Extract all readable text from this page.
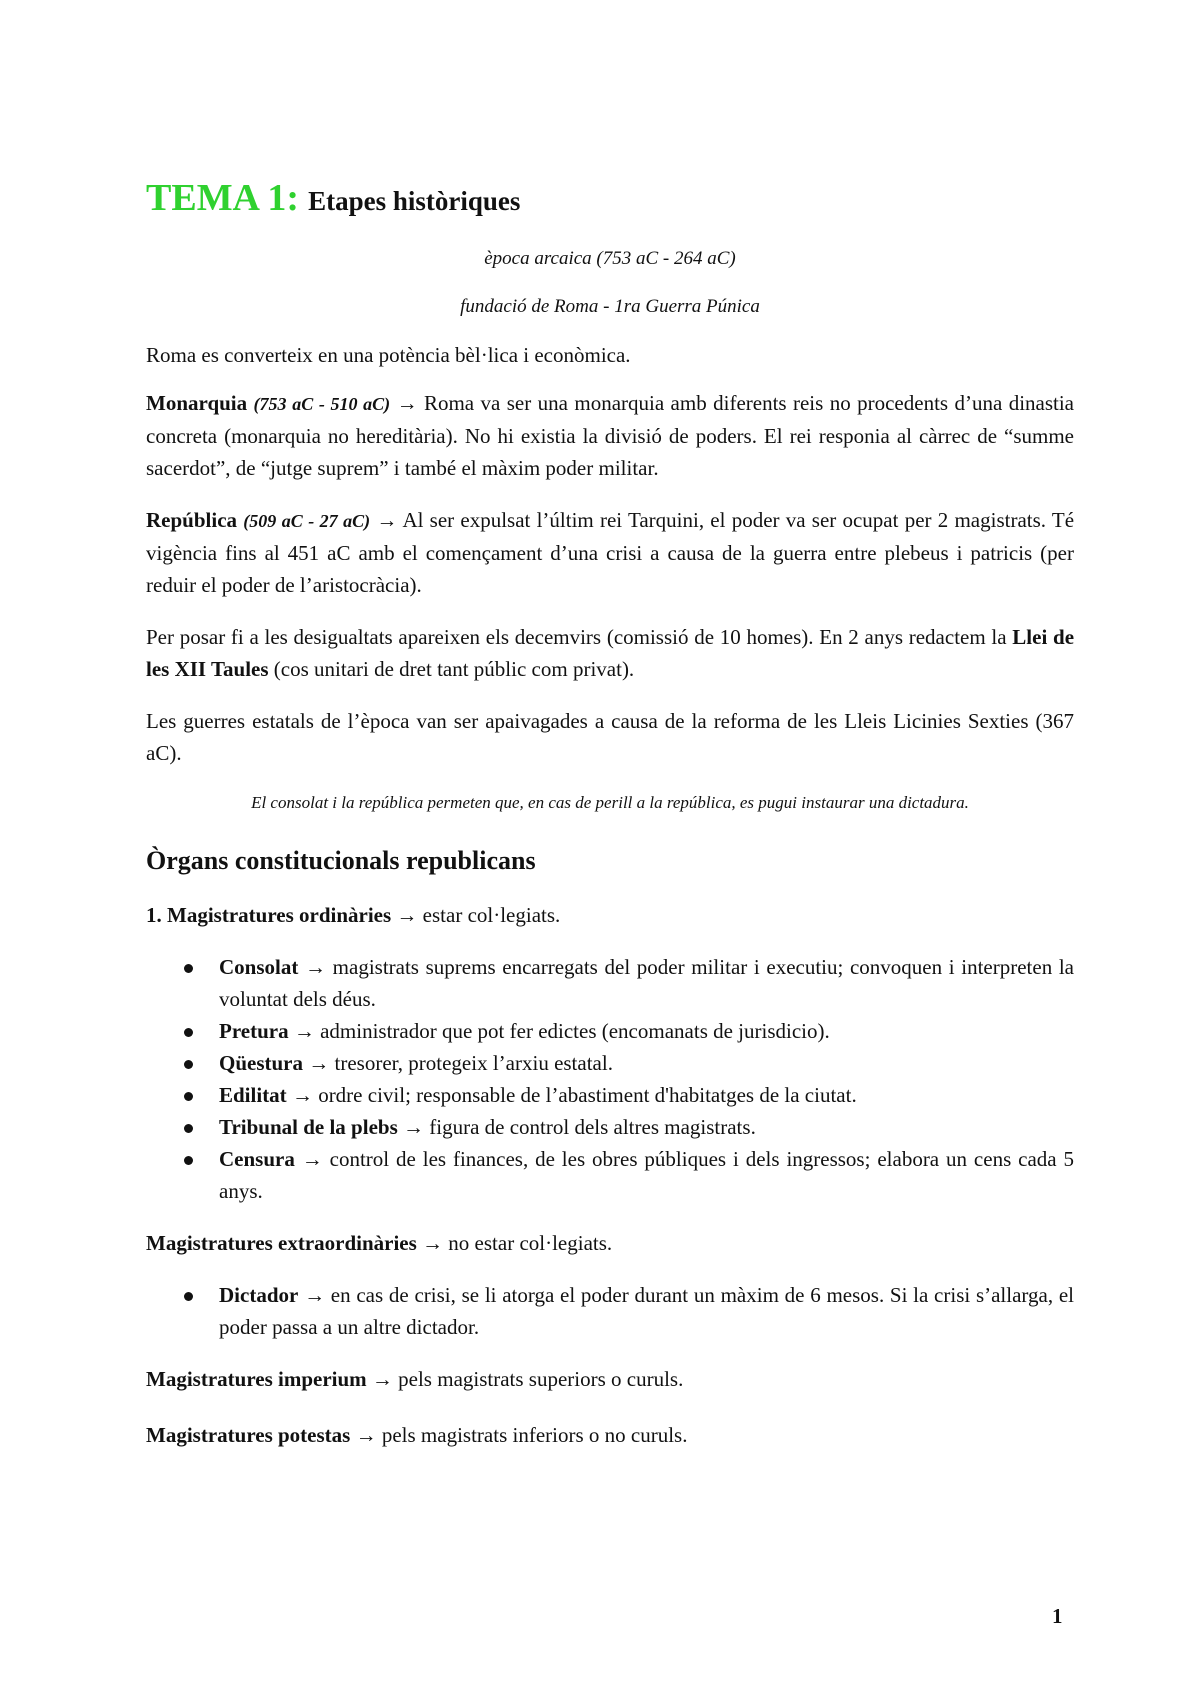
TEMA 1: Etapes històriques

època arcaica (753 aC - 264 aC)

fundació de Roma - 1ra Guerra Púnica

Roma es converteix en una potència bèl·lica i econòmica.

Monarquia (753 aC - 510 aC) → Roma va ser una monarquia amb diferents reis no procedents d’una dinastia concreta (monarquia no hereditària). No hi existia la divisió de poders. El rei responia al càrrec de “summe sacerdot”, de “jutge suprem” i també el màxim poder militar.

República (509 aC - 27 aC) → Al ser expulsat l’últim rei Tarquini, el poder va ser ocupat per 2 magistrats. Té vigència fins al 451 aC amb el començament d’una crisi a causa de la guerra entre plebeus i patricis (per reduir el poder de l’aristocràcia).

Per posar fi a les desigualtats apareixen els decemvirs (comissió de 10 homes). En 2 anys redactem la Llei de les XII Taules (cos unitari de dret tant públic com privat).

Les guerres estatals de l’època van ser apaivagades a causa de la reforma de les Lleis Licinies Sexties (367 aC).

El consolat i la república permeten que, en cas de perill a la república, es pugui instaurar una dictadura.

Òrgans constitucionals republicans

1. Magistratures ordinàries → estar col·legiats.

Consolat → magistrats suprems encarregats del poder militar i executiu; convoquen i interpreten la voluntat dels déus.
Pretura → administrador que pot fer edictes (encomanats de jurisdicio).
Qüestura → tresorer, protegeix l’arxiu estatal.
Edilitat → ordre civil; responsable de l’abastiment d'habitatges de la ciutat.
Tribunal de la plebs → figura de control dels altres magistrats.
Censura → control de les finances, de les obres públiques i dels ingressos; elabora un cens cada 5 anys.

Magistratures extraordinàries → no estar col·legiats.

Dictador → en cas de crisi, se li atorga el poder durant un màxim de 6 mesos. Si la crisi s’allarga, el poder passa a un altre dictador.

Magistratures imperium → pels magistrats superiors o curuls.

Magistratures potestas → pels magistrats inferiors o no curuls.

1
